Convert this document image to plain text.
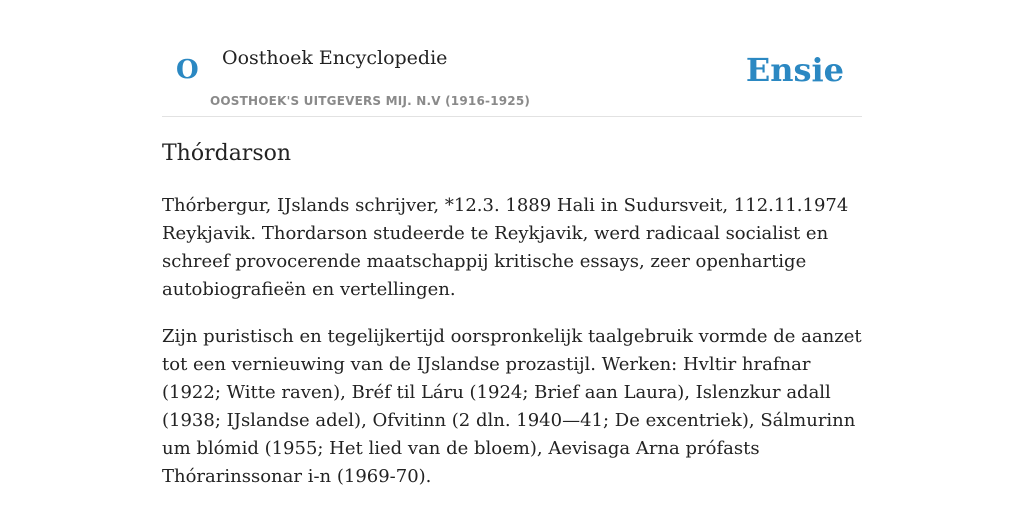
O Oosthoek Encyclopedie
OOSTHOEK'S UITGEVERS MIJ. N.V (1916-1925)
Ensie
Thórdarson

Thórbergur, IJslands schrijver, *12.3. 1889 Hali in Sudursveit, 112.11.1974 Reykjavik. Thordarson studeerde te Reykjavik, werd radicaal socialist en schreef provocerende maatschappij kritische essays, zeer openhartige autobiografieën en vertellingen.

Zijn puristisch en tegelijkertijd oorspronkelijk taalgebruik vormde de aanzet tot een vernieuwing van de IJslandse prozastijl. Werken: Hvltir hrafnar (1922; Witte raven), Bréf til Láru (1924; Brief aan Laura), Islenzkur adall (1938; IJslandse adel), Ofvitinn (2 dln. 1940—41; De excentriek), Sálmurinn um blómid (1955; Het lied van de bloem), Aevisaga Arna prófasts Thórarinssonar i-n (1969-70).
